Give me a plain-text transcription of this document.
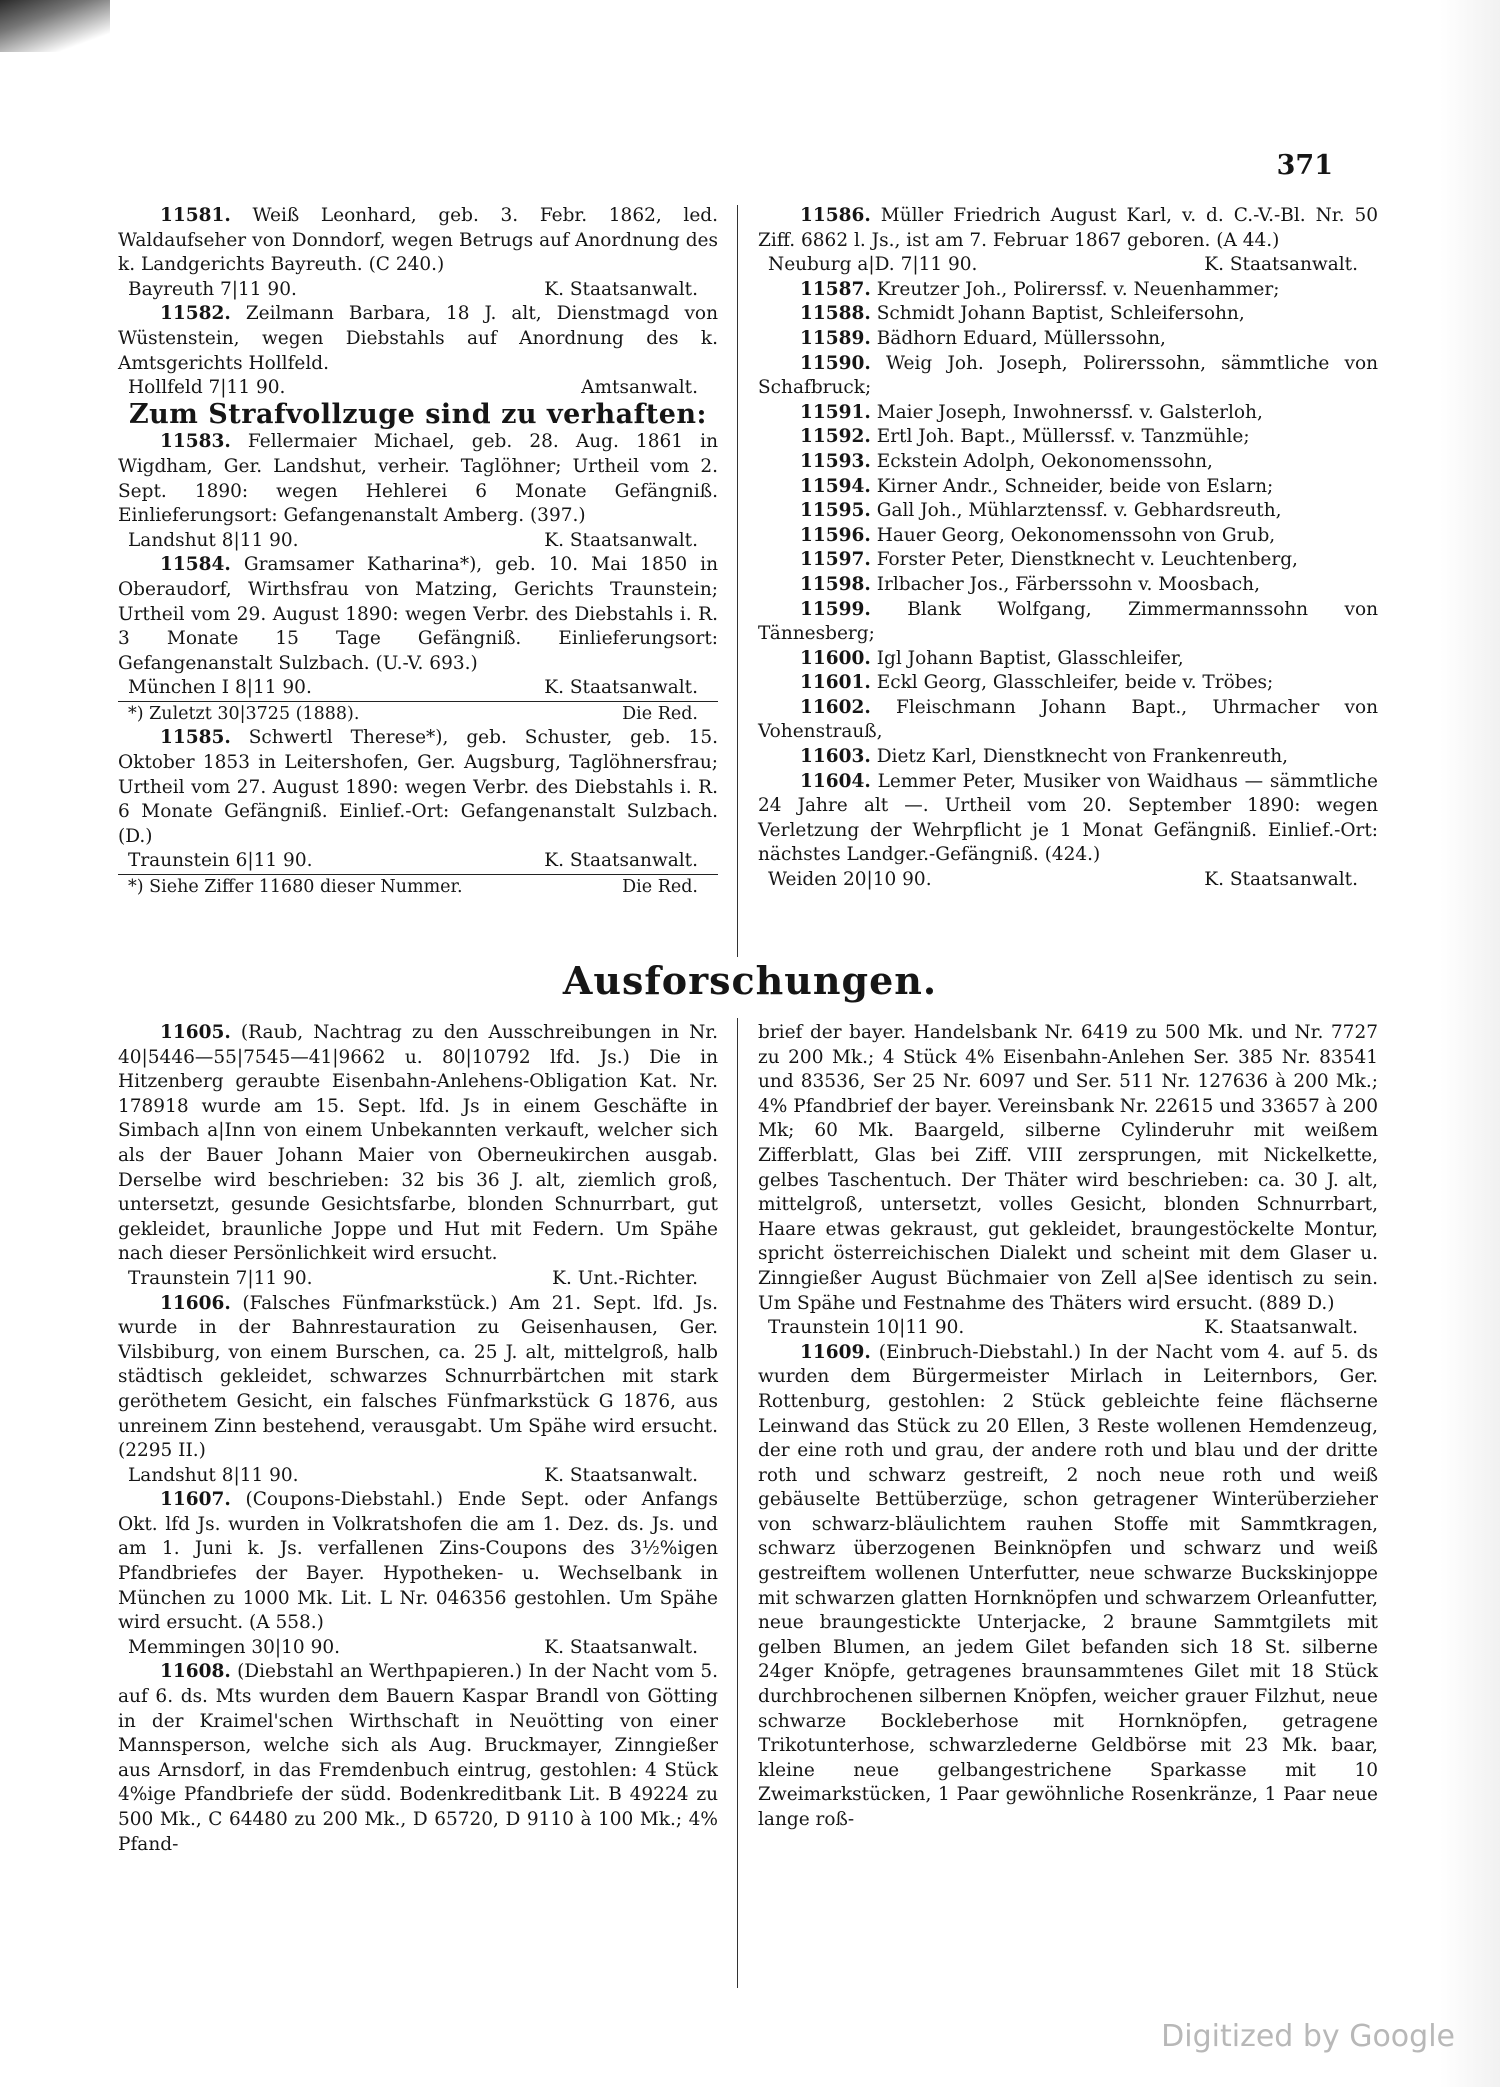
371

11581. Weiß Leonhard, geb. 3. Febr. 1862, led. Waldaufseher von Donndorf, wegen Betrugs auf Anordnung des k. Landgerichts Bayreuth. (C 240.)

Bayreuth 7|11 90.	K. Staatsanwalt.

11582. Zeilmann Barbara, 18 J. alt, Dienstmagd von Wüstenstein, wegen Diebstahls auf Anordnung des k. Amtsgerichts Hollfeld.

Hollfeld 7|11 90.	Amtsanwalt.
Zum Strafvollzuge sind zu verhaften:

11583. Fellermaier Michael, geb. 28. Aug. 1861 in Wigdham, Ger. Landshut, verheir. Taglöhner; Urtheil vom 2. Sept. 1890: wegen Hehlerei 6 Monate Gefängniß. Einlieferungsort: Gefangenanstalt Amberg. (397.)

Landshut 8|11 90.	K. Staatsanwalt.

11584. Gramsamer Katharina*), geb. 10. Mai 1850 in Oberaudorf, Wirthsfrau von Matzing, Gerichts Traunstein; Urtheil vom 29. August 1890: wegen Verbr. des Diebstahls i. R. 3 Monate 15 Tage Gefängniß. Einlieferungsort: Gefangenanstalt Sulzbach. (U.-V. 693.)

München I 8|11 90.	K. Staatsanwalt.
*) Zuletzt 30|3725 (1888).	Die Red.

11585. Schwertl Therese*), geb. Schuster, geb. 15. Oktober 1853 in Leitershofen, Ger. Augsburg, Taglöhnersfrau; Urtheil vom 27. August 1890: wegen Verbr. des Diebstahls i. R. 6 Monate Gefängniß. Einlief.-Ort: Gefangenanstalt Sulzbach. (D.)

Traunstein 6|11 90.	K. Staatsanwalt.
*) Siehe Ziffer 11680 dieser Nummer.	Die Red.

11586. Müller Friedrich August Karl, v. d. C.-V.-Bl. Nr. 50 Ziff. 6862 l. Js., ist am 7. Februar 1867 geboren. (A 44.)

Neuburg a|D. 7|11 90.	K. Staatsanwalt.

11587. Kreutzer Joh., Polirerssf. v. Neuenhammer;

11588. Schmidt Johann Baptist, Schleifersohn,

11589. Bädhorn Eduard, Müllerssohn,

11590. Weig Joh. Joseph, Polirerssohn, sämmtliche von Schafbruck;

11591. Maier Joseph, Inwohnerssf. v. Galsterloh,

11592. Ertl Joh. Bapt., Müllerssf. v. Tanzmühle;

11593. Eckstein Adolph, Oekonomenssohn,

11594. Kirner Andr., Schneider, beide von Eslarn;

11595. Gall Joh., Mühlarztenssf. v. Gebhardsreuth,

11596. Hauer Georg, Oekonomenssohn von Grub,

11597. Forster Peter, Dienstknecht v. Leuchtenberg,

11598. Irlbacher Jos., Färberssohn v. Moosbach,

11599. Blank Wolfgang, Zimmermannssohn von Tännesberg;

11600. Igl Johann Baptist, Glasschleifer,

11601. Eckl Georg, Glasschleifer, beide v. Tröbes;

11602. Fleischmann Johann Bapt., Uhrmacher von Vohenstrauß,

11603. Dietz Karl, Dienstknecht von Frankenreuth,

11604. Lemmer Peter, Musiker von Waidhaus — sämmtliche 24 Jahre alt —. Urtheil vom 20. September 1890: wegen Verletzung der Wehrpflicht je 1 Monat Gefängniß. Einlief.-Ort: nächstes Landger.-Gefängniß. (424.)

Weiden 20|10 90.	K. Staatsanwalt.
Ausforschungen.

11605. (Raub, Nachtrag zu den Ausschreibungen in Nr. 40|5446—55|7545—41|9662 u. 80|10792 lfd. Js.) Die in Hitzenberg geraubte Eisenbahn-Anlehens-Obligation Kat. Nr. 178918 wurde am 15. Sept. lfd. Js in einem Geschäfte in Simbach a|Inn von einem Unbekannten verkauft, welcher sich als der Bauer Johann Maier von Oberneukirchen ausgab. Derselbe wird beschrieben: 32 bis 36 J. alt, ziemlich groß, untersetzt, gesunde Gesichtsfarbe, blonden Schnurrbart, gut gekleidet, braunliche Joppe und Hut mit Federn. Um Spähe nach dieser Persönlichkeit wird ersucht.

Traunstein 7|11 90.	K. Unt.-Richter.

11606. (Falsches Fünfmarkstück.) Am 21. Sept. lfd. Js. wurde in der Bahnrestauration zu Geisenhausen, Ger. Vilsbiburg, von einem Burschen, ca. 25 J. alt, mittelgroß, halb städtisch gekleidet, schwarzes Schnurrbärtchen mit stark geröthetem Gesicht, ein falsches Fünfmarkstück G 1876, aus unreinem Zinn bestehend, verausgabt. Um Spähe wird ersucht. (2295 II.)

Landshut 8|11 90.	K. Staatsanwalt.

11607. (Coupons-Diebstahl.) Ende Sept. oder Anfangs Okt. lfd Js. wurden in Volkratshofen die am 1. Dez. ds. Js. und am 1. Juni k. Js. verfallenen Zins-Coupons des 3½%igen Pfandbriefes der Bayer. Hypotheken- u. Wechselbank in München zu 1000 Mk. Lit. L Nr. 046356 gestohlen. Um Spähe wird ersucht. (A 558.)

Memmingen 30|10 90.	K. Staatsanwalt.

11608. (Diebstahl an Werthpapieren.) In der Nacht vom 5. auf 6. ds. Mts wurden dem Bauern Kaspar Brandl von Götting in der Kraimel'schen Wirthschaft in Neuötting von einer Mannsperson, welche sich als Aug. Bruckmayer, Zinngießer aus Arnsdorf, in das Fremdenbuch eintrug, gestohlen: 4 Stück 4%ige Pfandbriefe der südd. Bodenkreditbank Lit. B 49224 zu 500 Mk., C 64480 zu 200 Mk., D 65720, D 9110 à 100 Mk.; 4% Pfand-

brief der bayer. Handelsbank Nr. 6419 zu 500 Mk. und Nr. 7727 zu 200 Mk.; 4 Stück 4% Eisenbahn-Anlehen Ser. 385 Nr. 83541 und 83536, Ser 25 Nr. 6097 und Ser. 511 Nr. 127636 à 200 Mk.; 4% Pfandbrief der bayer. Vereinsbank Nr. 22615 und 33657 à 200 Mk; 60 Mk. Baargeld, silberne Cylinderuhr mit weißem Zifferblatt, Glas bei Ziff. VIII zersprungen, mit Nickelkette, gelbes Taschentuch. Der Thäter wird beschrieben: ca. 30 J. alt, mittelgroß, untersetzt, volles Gesicht, blonden Schnurrbart, Haare etwas gekraust, gut gekleidet, braungestöckelte Montur, spricht österreichischen Dialekt und scheint mit dem Glaser u. Zinngießer August Büchmaier von Zell a|See identisch zu sein. Um Spähe und Festnahme des Thäters wird ersucht. (889 D.)

Traunstein 10|11 90.	K. Staatsanwalt.

11609. (Einbruch-Diebstahl.) In der Nacht vom 4. auf 5. ds wurden dem Bürgermeister Mirlach in Leiternbors, Ger. Rottenburg, gestohlen: 2 Stück gebleichte feine flächserne Leinwand das Stück zu 20 Ellen, 3 Reste wollenen Hemdenzeug, der eine roth und grau, der andere roth und blau und der dritte roth und schwarz gestreift, 2 noch neue roth und weiß gebäuselte Bettüberzüge, schon getragener Winterüberzieher von schwarz-bläulichtem rauhen Stoffe mit Sammtkragen, schwarz überzogenen Beinknöpfen und schwarz und weiß gestreiftem wollenen Unterfutter, neue schwarze Buckskinjoppe mit schwarzen glatten Hornknöpfen und schwarzem Orleanfutter, neue braungestickte Unterjacke, 2 braune Sammtgilets mit gelben Blumen, an jedem Gilet befanden sich 18 St. silberne 24ger Knöpfe, getragenes braunsammtenes Gilet mit 18 Stück durchbrochenen silbernen Knöpfen, weicher grauer Filzhut, neue schwarze Bockleberhose mit Hornknöpfen, getragene Trikotunterhose, schwarzlederne Geldbörse mit 23 Mk. baar, kleine neue gelbangestrichene Sparkasse mit 10 Zweimarkstücken, 1 Paar gewöhnliche Rosenkränze, 1 Paar neue lange roß-

Digitized by Google
